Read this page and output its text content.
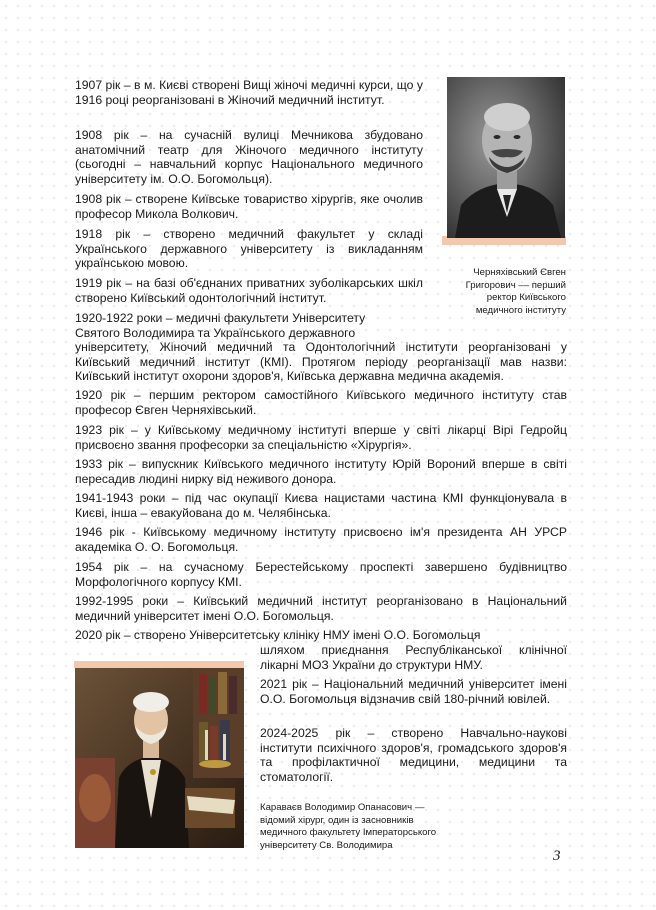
Черняхівський Євген
Григорович –– перший
ректор Київського
медичного інституту

1907 рік – в м. Києві створені Вищі жіночі медичні курси, що у 1916 році реорганізовані в Жіночий медичний інститут.

1908 рік – на сучасній вулиці Мечникова збудовано анатомічний театр для Жіночого медичного інституту (сьогодні – навчальний корпус Національного медичного університету ім. О.О. Богомольця).

1908 рік – створене Київське товариство хірургів, яке очолив професор Микола Волкович.

1918 рік – створено медичний факультет у складі Українського державного університету із викладанням українською мовою.

1919 рік – на базі об'єднаних приватних зуболікарських шкіл створено Київський одонтологічний інститут.

1920-1922 роки – медичні факультети Університету Святого Володимира та Українського державного

університету, Жіночий медичний та Одонтологічний інститути реорганізовані у Київський медичний інститут (КМІ). Протягом періоду реорганізації мав назви: Київський інститут охорони здоров'я, Київська державна медична академія.

1920 рік – першим ректором самостійного Київського медичного інституту став професор Євген Черняхівський.

1923 рік – у Київському медичному інституті вперше у світі лікарці Вірі Гедройц присвоєно звання професорки за спеціальністю «Хірургія».

1933 рік – випускник Київського медичного інституту Юрій Вороний вперше в світі пересадив людині нирку від неживого донора.

1941-1943 роки – під час окупації Києва нацистами частина КМІ функціонувала в Києві, інша – евакуйована до м. Челябінська.

1946 рік - Київському медичному інституту присвоєно ім'я президента АН УРСР академіка О. О. Богомольця.

1954 рік – на сучасному Берестейському проспекті завершено будівництво Морфологічного корпусу КМІ.

1992-1995 роки – Київський медичний інститут реорганізовано в Національний медичний університет імені О.О. Богомольця.

2020 рік – створено Університетську клініку НМУ імені О.О. Богомольця

шляхом приєднання Республіканської клінічної лікарні МОЗ України до структури НМУ.

2021 рік – Національний медичний університет імені О.О. Богомольця відзначив свій 180-річний ювілей.

2024-2025 рік – створено Навчально-наукові інститути психічного здоров'я, громадського здоров'я та профілактичної медицини, медицини та стоматології.

Караваєв Володимир Опанасович —
відомий хірург, один із засновників
медичного факультету Імператорського
університету Св. Володимира
3
